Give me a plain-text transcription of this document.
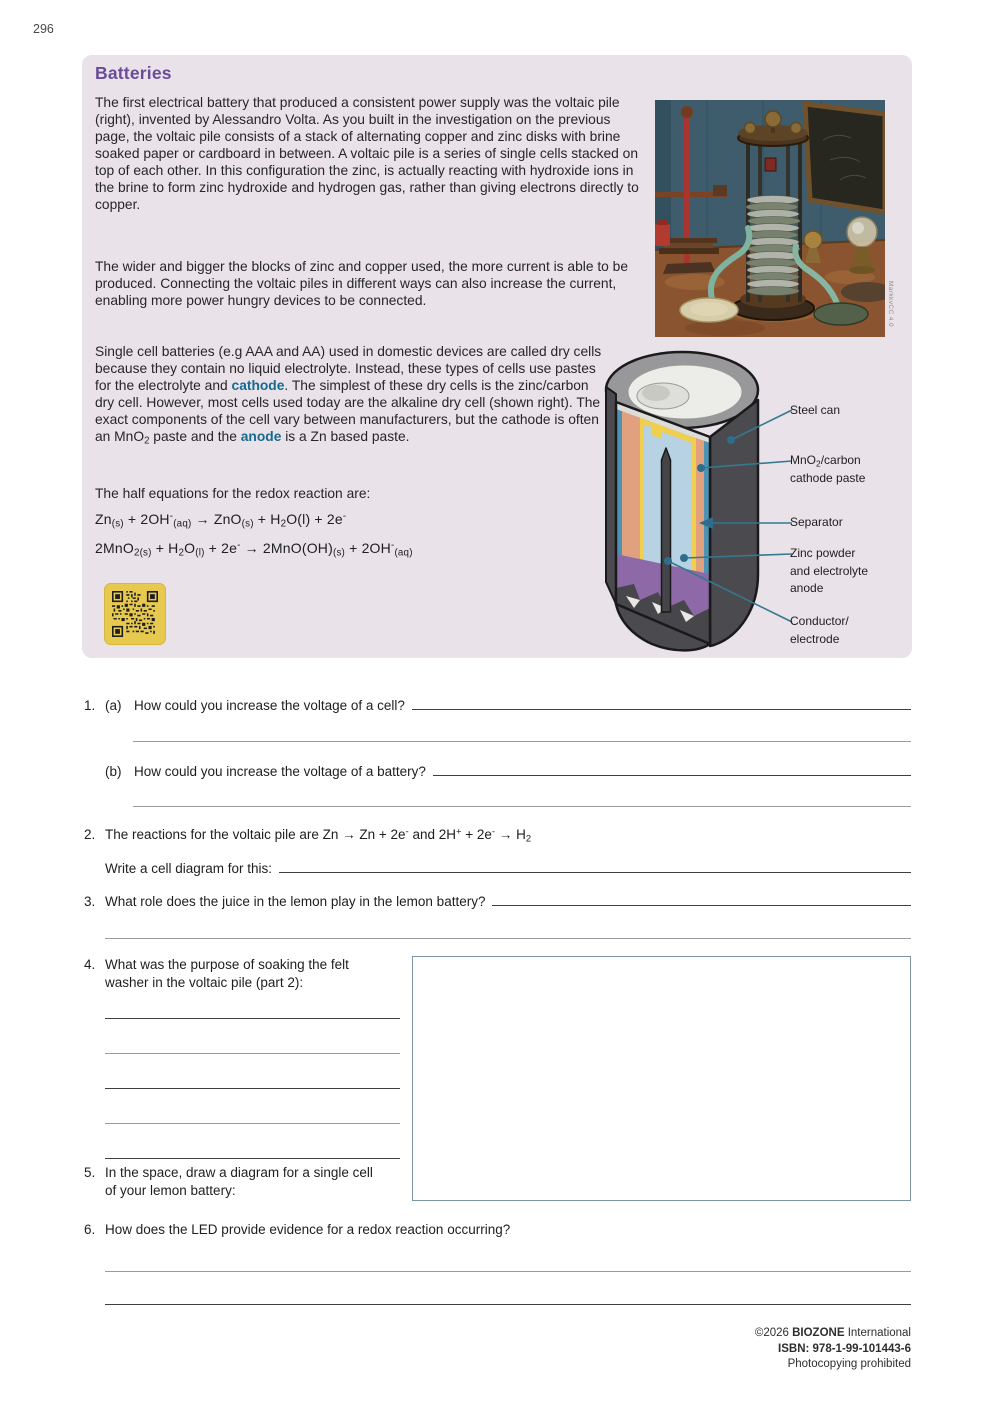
296
Batteries
The first electrical battery that produced a consistent power supply was the voltaic pile (right), invented by Alessandro Volta. As you built in the investigation on the previous page, the voltaic pile consists of a stack of alternating copper and zinc disks with brine soaked paper or cardboard in between. A voltaic pile is a series of single cells stacked on top of each other. In this configuration the zinc, is actually reacting with hydroxide ions in the brine to form zinc hydroxide and hydrogen gas, rather than giving electrons directly to copper.
The wider and bigger the blocks of zinc and copper used, the more current is able to be produced. Connecting the voltaic piles in different ways can also increase the current, enabling more power hungry devices to be connected.
Single cell batteries (e.g AAA and AA) used in domestic devices are called dry cells because they contain no liquid electrolyte. Instead, these types of cells use pastes for the electrolyte and cathode. The simplest of these dry cells is the zinc/carbon dry cell. However, most cells used today are the alkaline dry cell (shown right). The exact components of the cell vary between manufacturers, but the cathode is often an MnO$_2$ paste and the anode is a Zn based paste.
MarkkvCC 4.0
The half equations for the redox reaction are:
$Zn_{(s)} + 2OH^-_{(aq)} \to ZnO_{(s)} + H_2O(l) + 2e^-$
$2MnO_{2(s)} + H_2O_{(l)} + 2e^- \to 2MnO(OH)_{(s)} + 2OH^-_{(aq)}$
Steel can
MnO$_2$/carbon
cathode paste
Separator
Zinc powder
and electrolyte
anode
Conductor/
electrode
1. (a) How could you increase the voltage of a cell?
(b) How could you increase the voltage of a battery?
2. The reactions for the voltaic pile are Zn → Zn + 2e- and $2H^+ + 2e^- \to H_2$
Write a cell diagram for this:
3. What role does the juice in the lemon play in the lemon battery?
4. What was the purpose of soaking the felt washer in the voltaic pile (part 2):
5. In the space, draw a diagram for a single cell of your lemon battery:
6. How does the LED provide evidence for a redox reaction occurring?
©2026 BIOZONE International
ISBN: 978-1-99-101443-6
Photocopying prohibited
